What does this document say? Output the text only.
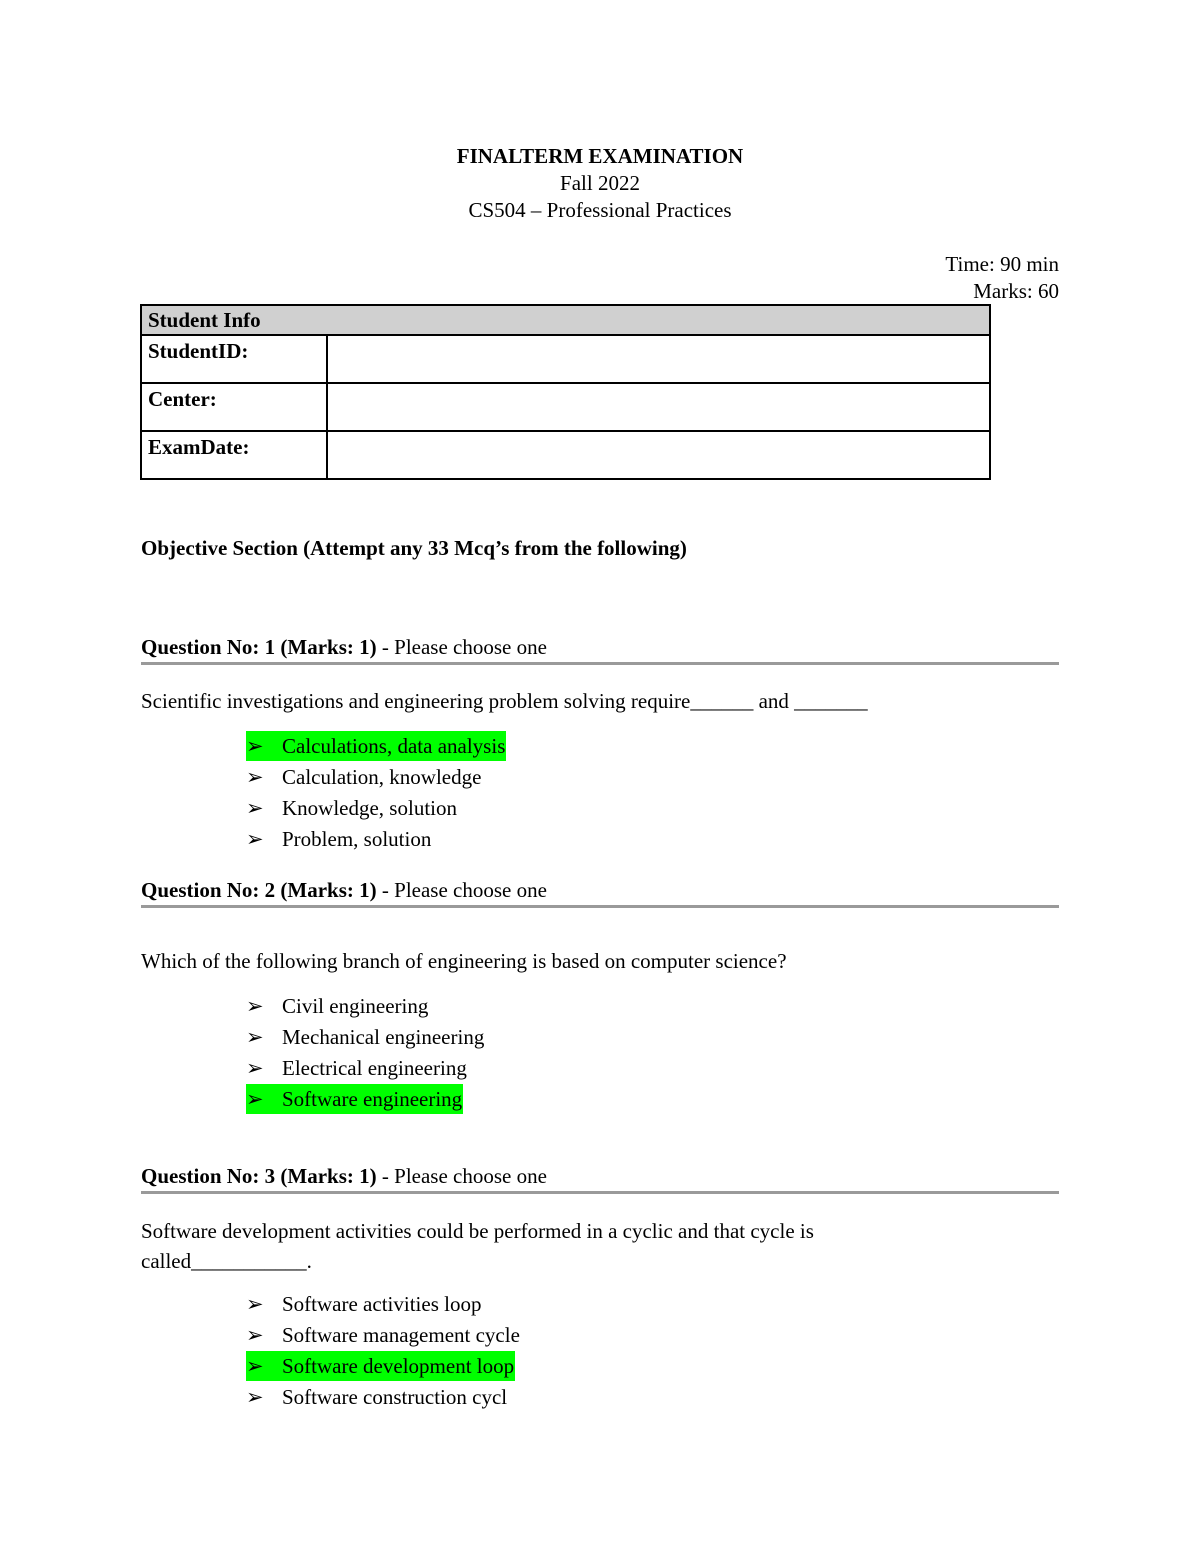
FINALTERM EXAMINATION
Fall 2022
CS504 – Professional Practices
Time: 90 min
Marks: 60
Student Info	
StudentID:	
Center:	
ExamDate:	
Objective Section (Attempt any 33 Mcq’s from the following)
Question No: 1 (Marks: 1) - Please choose one
Scientific investigations and engineering problem solving require______ and _______
➢ Calculations, data analysis
➢ Calculation, knowledge
➢ Knowledge, solution
➢ Problem, solution
Question No: 2 (Marks: 1) - Please choose one
Which of the following branch of engineering is based on computer science?
➢ Civil engineering
➢ Mechanical engineering
➢ Electrical engineering
➢ Software engineering
Question No: 3 (Marks: 1) - Please choose one
Software development activities could be performed in a cyclic and that cycle is called___________.
➢ Software activities loop
➢ Software management cycle
➢ Software development loop
➢ Software construction cycl
